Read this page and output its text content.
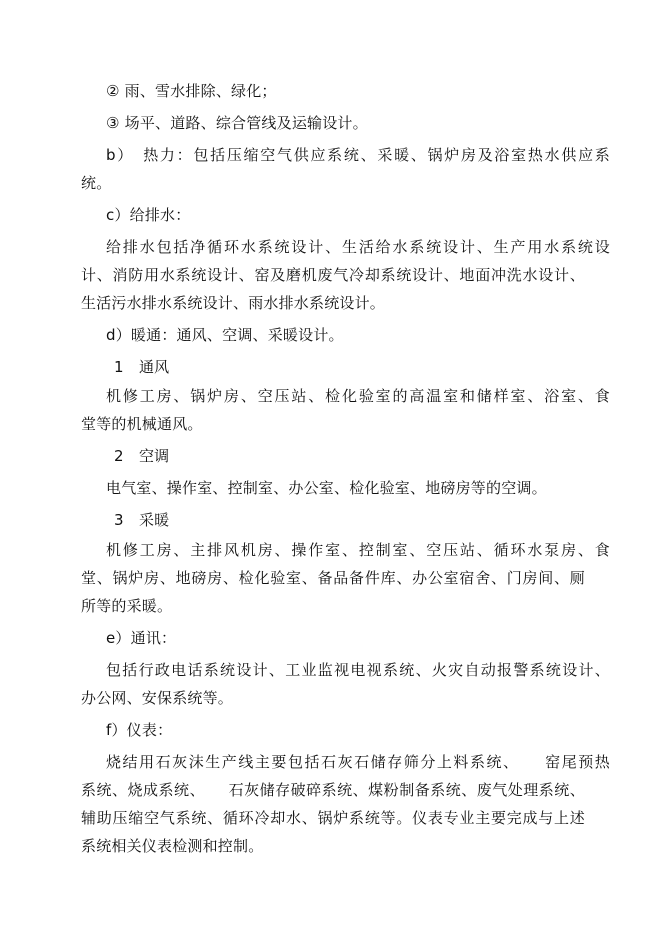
② 雨、雪水排除、绿化；
③ 场平、道路、综合管线及运输设计。
b）　热力：包括压缩空气供应系统、采暖、锅炉房及浴室热水供应系
统。
c）给排水：
给排水包括净循环水系统设计、生活给水系统设计、生产用水系统设
计、消防用水系统设计、窑及磨机废气冷却系统设计、地面冲洗水设计、
生活污水排水系统设计、雨水排水系统设计。
d）暖通：通风、空调、采暖设计。
1　通风
机修工房、锅炉房、空压站、检化验室的高温室和储样室、浴室、食
堂等的机械通风。
2　空调
电气室、操作室、控制室、办公室、检化验室、地磅房等的空调。
3　采暖
机修工房、主排风机房、操作室、控制室、空压站、循环水泵房、食
堂、锅炉房、地磅房、检化验室、备品备件库、办公室宿舍、门房间、厕
所等的采暖。
e）通讯：
包括行政电话系统设计、工业监视电视系统、火灾自动报警系统设计、
办公网、安保系统等。
f）仪表：
烧结用石灰沫生产线主要包括石灰石储存筛分上料系统、　　窑尾预热
系统、烧成系统、　　石灰储存破碎系统、煤粉制备系统、废气处理系统、
辅助压缩空气系统、循环冷却水、锅炉系统等。仪表专业主要完成与上述
系统相关仪表检测和控制。
